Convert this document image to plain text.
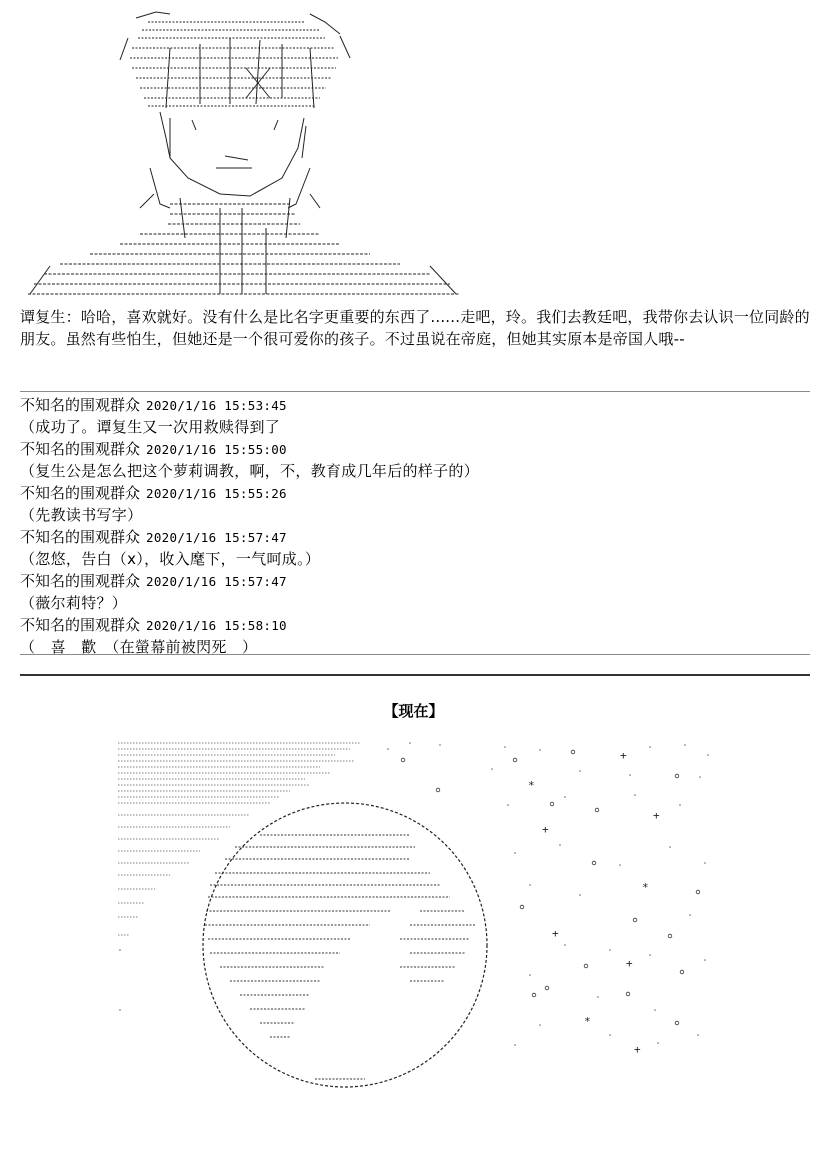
谭复生：哈哈，喜欢就好。没有什么是比名字更重要的东西了......走吧，玲。我们去教廷吧，我带你去认识一位同龄的朋友。虽然有些怕生，但她还是一个很可爱你的孩子。不过虽说在帝庭，但她其实原本是帝国人哦--

不知名的围观群众 2020/1/16 15:53:45
（成功了。谭复生又一次用救赎得到了
不知名的围观群众 2020/1/16 15:55:00
（复生公是怎么把这个萝莉调教，啊，不，教育成几年后的样子的）
不知名的围观群众 2020/1/16 15:55:26
（先教读书写字）
不知名的围观群众 2020/1/16 15:57:47
（忽悠，告白（x），收入麾下，一气呵成。）
不知名的围观群众 2020/1/16 15:57:47
（薇尔莉特？）
不知名的围观群众 2020/1/16 15:58:10
（　喜　歡　（在螢幕前被閃死　）
【现在】
+
*
+
+
*
+
+
*
+
